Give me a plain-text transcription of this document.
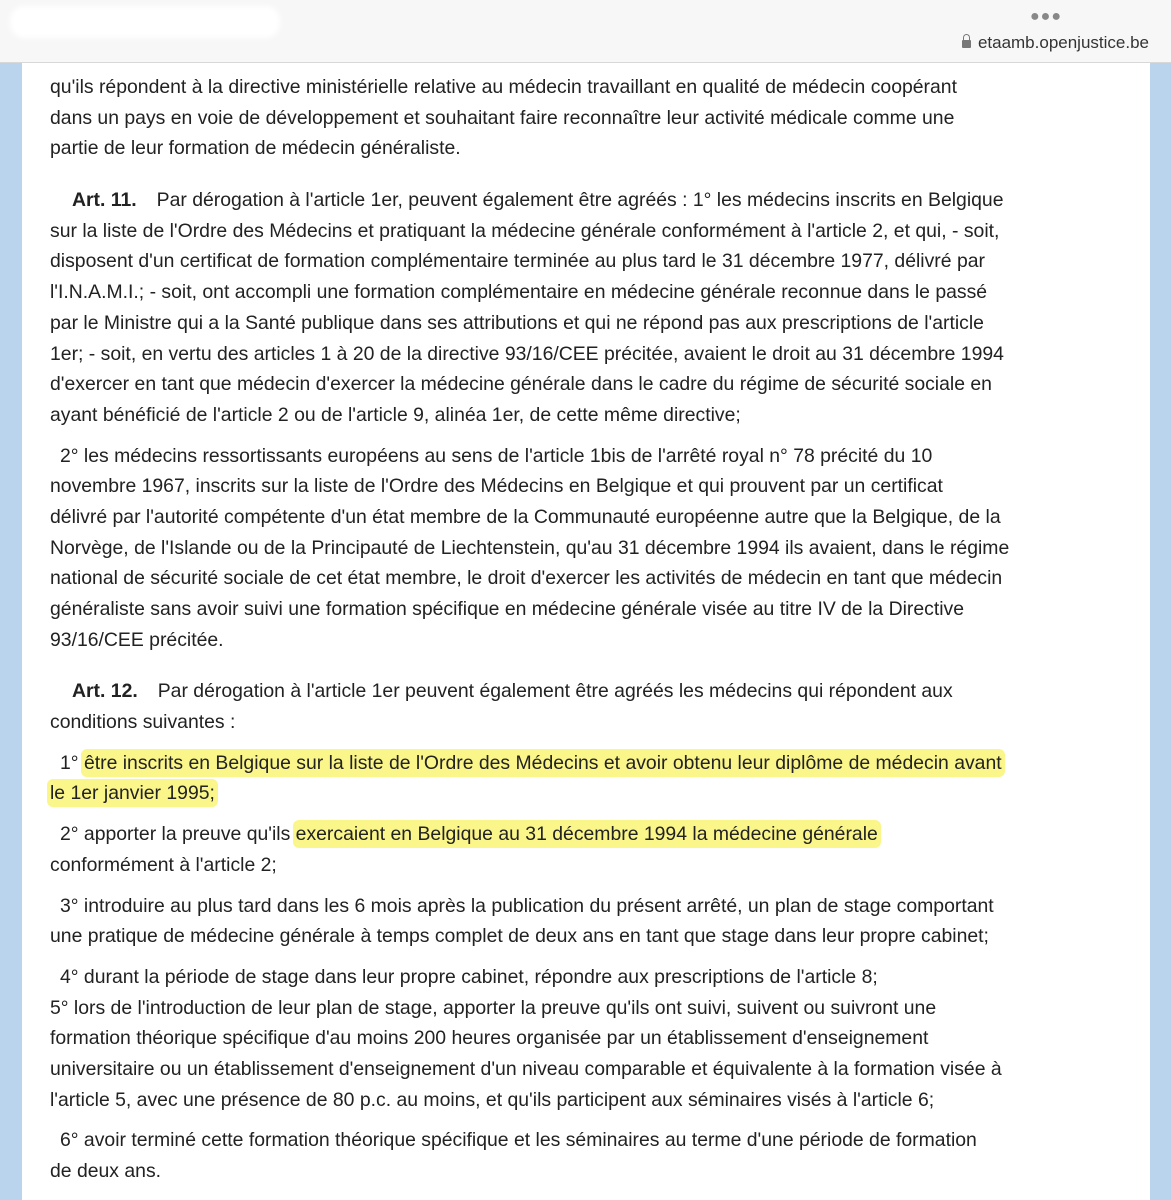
●●●
etaamb.openjustice.be
qu'ils répondent à la directive ministérielle relative au médecin travaillant en qualité de médecin coopérant
dans un pays en voie de développement et souhaitant faire reconnaître leur activité médicale comme une
partie de leur formation de médecin généraliste.
Art. 11. Par dérogation à l'article 1er, peuvent également être agréés : 1° les médecins inscrits en Belgique
sur la liste de l'Ordre des Médecins et pratiquant la médecine générale conformément à l'article 2, et qui, - soit,
disposent d'un certificat de formation complémentaire terminée au plus tard le 31 décembre 1977, délivré par
l'I.N.A.M.I.; - soit, ont accompli une formation complémentaire en médecine générale reconnue dans le passé
par le Ministre qui a la Santé publique dans ses attributions et qui ne répond pas aux prescriptions de l'article
1er; - soit, en vertu des articles 1 à 20 de la directive 93/16/CEE précitée, avaient le droit au 31 décembre 1994
d'exercer en tant que médecin d'exercer la médecine générale dans le cadre du régime de sécurité sociale en
ayant bénéficié de l'article 2 ou de l'article 9, alinéa 1er, de cette même directive;
2° les médecins ressortissants européens au sens de l'article 1bis de l'arrêté royal n° 78 précité du 10
novembre 1967, inscrits sur la liste de l'Ordre des Médecins en Belgique et qui prouvent par un certificat
délivré par l'autorité compétente d'un état membre de la Communauté européenne autre que la Belgique, de la
Norvège, de l'Islande ou de la Principauté de Liechtenstein, qu'au 31 décembre 1994 ils avaient, dans le régime
national de sécurité sociale de cet état membre, le droit d'exercer les activités de médecin en tant que médecin
généraliste sans avoir suivi une formation spécifique en médecine générale visée au titre IV de la Directive
93/16/CEE précitée.
Art. 12. Par dérogation à l'article 1er peuvent également être agréés les médecins qui répondent aux
conditions suivantes :
1° être inscrits en Belgique sur la liste de l'Ordre des Médecins et avoir obtenu leur diplôme de médecin avant
le 1er janvier 1995;
2° apporter la preuve qu'ils exercaient en Belgique au 31 décembre 1994 la médecine générale
conformément à l'article 2;
3° introduire au plus tard dans les 6 mois après la publication du présent arrêté, un plan de stage comportant
une pratique de médecine générale à temps complet de deux ans en tant que stage dans leur propre cabinet;
4° durant la période de stage dans leur propre cabinet, répondre aux prescriptions de l'article 8;
5° lors de l'introduction de leur plan de stage, apporter la preuve qu'ils ont suivi, suivent ou suivront une
formation théorique spécifique d'au moins 200 heures organisée par un établissement d'enseignement
universitaire ou un établissement d'enseignement d'un niveau comparable et équivalente à la formation visée à
l'article 5, avec une présence de 80 p.c. au moins, et qu'ils participent aux séminaires visés à l'article 6;
6° avoir terminé cette formation théorique spécifique et les séminaires au terme d'une période de formation
de deux ans.
